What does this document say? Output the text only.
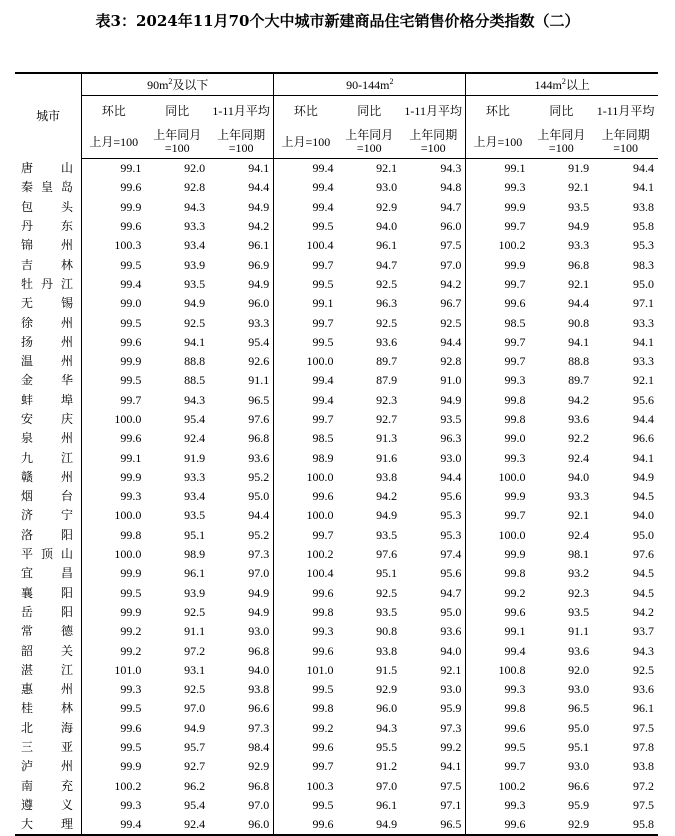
表3：2024年11月70个大中城市新建商品住宅销售价格分类指数（二）
城市	$90m^2$及以下			$90-144m^2$			$144m^2$以上		
	环比	同比	1-11月平均	环比	同比	1-11月平均	环比	同比	1-11月平均
	上月=100	上年同月=100	上年同期=100	上月=100	上年同月=100	上年同期=100	上月=100	上年同月=100	上年同期=100

唐山	99.1	92.0	94.1	99.4	92.1	94.3	99.1	91.9	94.4

秦皇岛	99.6	92.8	94.4	99.4	93.0	94.8	99.3	92.1	94.1

包头	99.9	94.3	94.9	99.4	92.9	94.7	99.9	93.5	93.8

丹东	99.6	93.3	94.2	99.5	94.0	96.0	99.7	94.9	95.8

锦州	100.3	93.4	96.1	100.4	96.1	97.5	100.2	93.3	95.3

吉林	99.5	93.9	96.9	99.7	94.7	97.0	99.9	96.8	98.3

牡丹江	99.4	93.5	94.9	99.5	92.5	94.2	99.7	92.1	95.0

无锡	99.0	94.9	96.0	99.1	96.3	96.7	99.6	94.4	97.1

徐州	99.5	92.5	93.3	99.7	92.5	92.5	98.5	90.8	93.3

扬州	99.6	94.1	95.4	99.5	93.6	94.4	99.7	94.1	94.1

温州	99.9	88.8	92.6	100.0	89.7	92.8	99.7	88.8	93.3

金华	99.5	88.5	91.1	99.4	87.9	91.0	99.3	89.7	92.1

蚌埠	99.7	94.3	96.5	99.4	92.3	94.9	99.8	94.2	95.6

安庆	100.0	95.4	97.6	99.7	92.7	93.5	99.8	93.6	94.4

泉州	99.6	92.4	96.8	98.5	91.3	96.3	99.0	92.2	96.6

九江	99.1	91.9	93.6	98.9	91.6	93.0	99.3	92.4	94.1

赣州	99.9	93.3	95.2	100.0	93.8	94.4	100.0	94.0	94.9

烟台	99.3	93.4	95.0	99.6	94.2	95.6	99.9	93.3	94.5

济宁	100.0	93.5	94.4	100.0	94.9	95.3	99.7	92.1	94.0

洛阳	99.8	95.1	95.2	99.7	93.5	95.3	100.0	92.4	95.0

平顶山	100.0	98.9	97.3	100.2	97.6	97.4	99.9	98.1	97.6

宜昌	99.9	96.1	97.0	100.4	95.1	95.6	99.8	93.2	94.5

襄阳	99.5	93.9	94.9	99.6	92.5	94.7	99.2	92.3	94.5

岳阳	99.9	92.5	94.9	99.8	93.5	95.0	99.6	93.5	94.2

常德	99.2	91.1	93.0	99.3	90.8	93.6	99.1	91.1	93.7

韶关	99.2	97.2	96.8	99.6	93.8	94.0	99.4	93.6	94.3

湛江	101.0	93.1	94.0	101.0	91.5	92.1	100.8	92.0	92.5

惠州	99.3	92.5	93.8	99.5	92.9	93.0	99.3	93.0	93.6

桂林	99.5	97.0	96.6	99.8	96.0	95.9	99.8	96.5	96.1

北海	99.6	94.9	97.3	99.2	94.3	97.3	99.6	95.0	97.5

三亚	99.5	95.7	98.4	99.6	95.5	99.2	99.5	95.1	97.8

泸州	99.9	92.7	92.9	99.7	91.2	94.1	99.7	93.0	93.8

南充	100.2	96.2	96.8	100.3	97.0	97.5	100.2	96.6	97.2

遵义	99.3	95.4	97.0	99.5	96.1	97.1	99.3	95.9	97.5

大理	99.4	92.4	96.0	99.6	94.9	96.5	99.6	92.9	95.8
